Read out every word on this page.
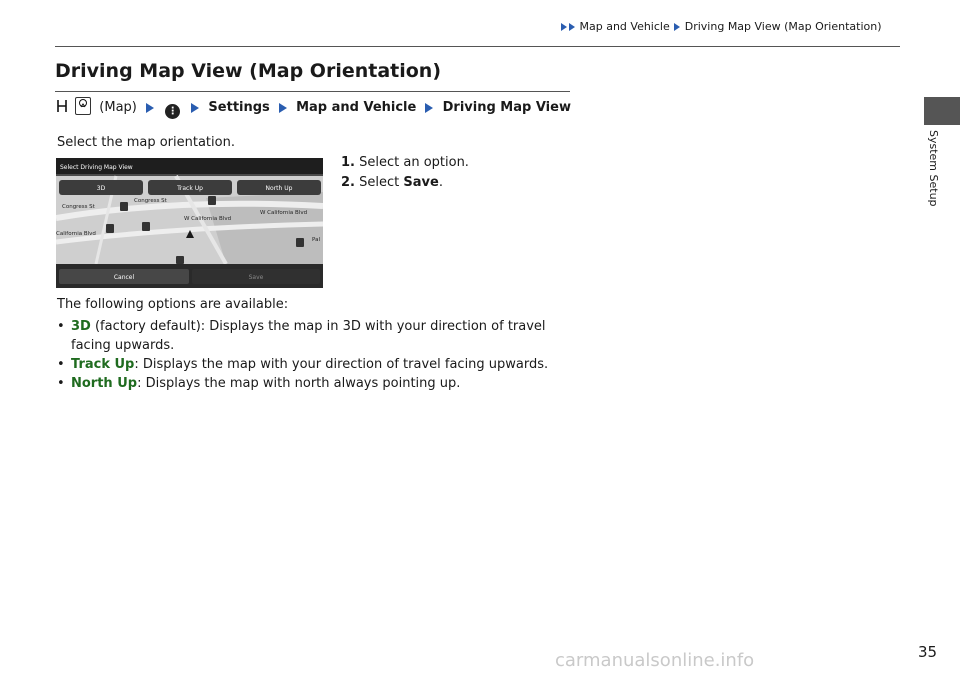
Map and Vehicle Driving Map View (Map Orientation)
System Setup
Driving Map View (Map Orientation)

(Map)	⋮ Settings Map and Vehicle Driving Map View
Select the map orientation.
Select Driving Map View
3D	Track Up	North Up
Cancel	Save
Congress St
Congress St
W California Blvd
W California Blvd
California Blvd
Pal
1. Select an option.
2. Select Save.
The following options are available:
• 3D (factory default): Displays the map in 3D with your direction of travel facing upwards.
• Track Up: Displays the map with your direction of travel facing upwards.
• North Up: Displays the map with north always pointing up.
35
carmanualsonline.info
